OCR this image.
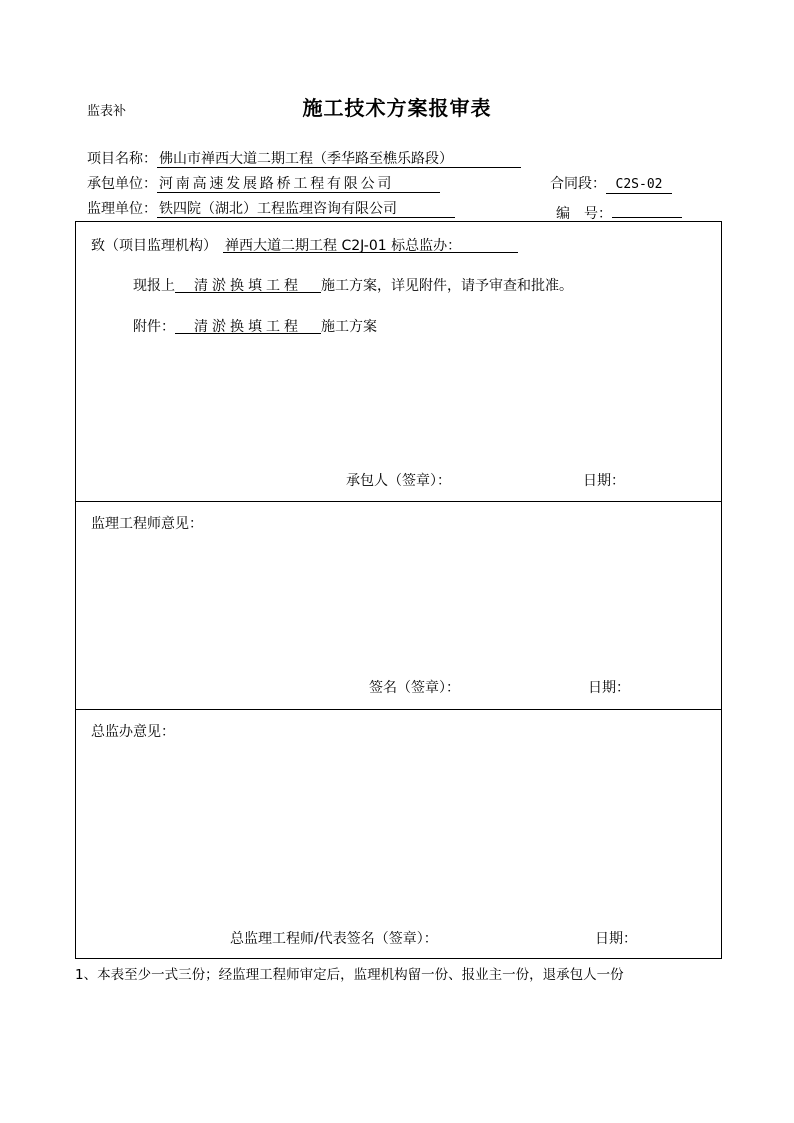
监表补	施工技术方案报审表
项目名称： 佛山市禅西大道二期工程（季华路至樵乐路段）
承包单位： 河南高速发展路桥工程有限公司	合同段： C2S-02
监理单位： 铁四院（湖北）工程监理咨询有限公司	编　号：
致（项目监理机构） 禅西大道二期工程 C2J-01 标总监办：
现报上 清淤换填工程 施工方案，详见附件，请予审查和批准。
附件： 清淤换填工程 施工方案
承包人（签章）：	日期：
监理工程师意见：
签名（签章）：	日期：
总监办意见：
总监理工程师/代表签名（签章）：	日期：
1、本表至少一式三份；经监理工程师审定后，监理机构留一份、报业主一份，退承包人一份
